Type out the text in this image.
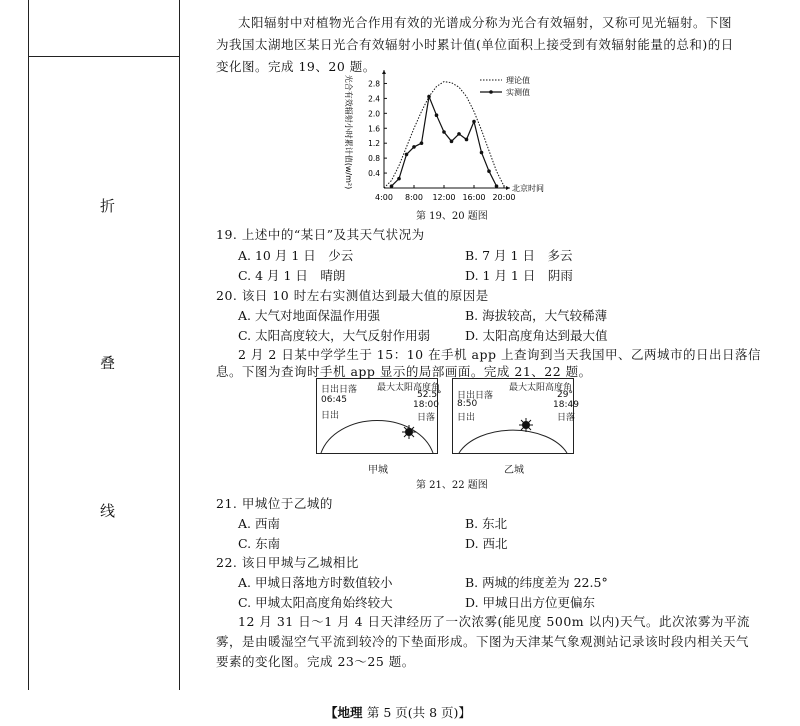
折
叠
线
太阳辐射中对植物光合作用有效的光谱成分称为光合有效辐射，又称可见光辐射。下图
为我国太湖地区某日光合有效辐射小时累计值(单位面积上接受到有效辐射能量的总和)的日
变化图。完成 19、20 题。
光合有效辐射小时累计值(w/m²) 0.4
0.8
1.2
1.6
2.0
2.4
2.8
4:00 8:00 12:00 16:00 20:00
北京时间
理论值
实测值
第 19、20 题图
19. 上述中的“某日”及其天气状况为
A. 10 月 1 日　少云	B. 7 月 1 日　多云
C. 4 月 1 日　晴朗	D. 1 月 1 日　阴雨
20. 该日 10 时左右实测值达到最大值的原因是
A. 大气对地面保温作用强	B. 海拔较高，大气较稀薄
C. 太阳高度较大，大气反射作用弱	D. 太阳高度角达到最大值
2 月 2 日某中学学生于 15：10 在手机 app 上查询到当天我国甲、乙两城市的日出日落信
息。下图为查询时手机 app 显示的局部画面。完成 21、22 题。
日出日落 最大太阳高度角
52.5°
06:45	18:00
日出	日落
甲城
日出日落
最大太阳高度角
29°
8:50	18:49
日出	日落
乙城
第 21、22 题图
21. 甲城位于乙城的
A. 西南	B. 东北
C. 东南	D. 西北
22. 该日甲城与乙城相比
A. 甲城日落地方时数值较小	B. 两城的纬度差为 22.5°
C. 甲城太阳高度角始终较大	D. 甲城日出方位更偏东
12 月 31 日～1 月 4 日天津经历了一次浓雾(能见度 500m 以内)天气。此次浓雾为平流
雾，是由暖湿空气平流到较冷的下垫面形成。下图为天津某气象观测站记录该时段内相关天气
要素的变化图。完成 23～25 题。
【地理 第 5 页(共 8 页)】
